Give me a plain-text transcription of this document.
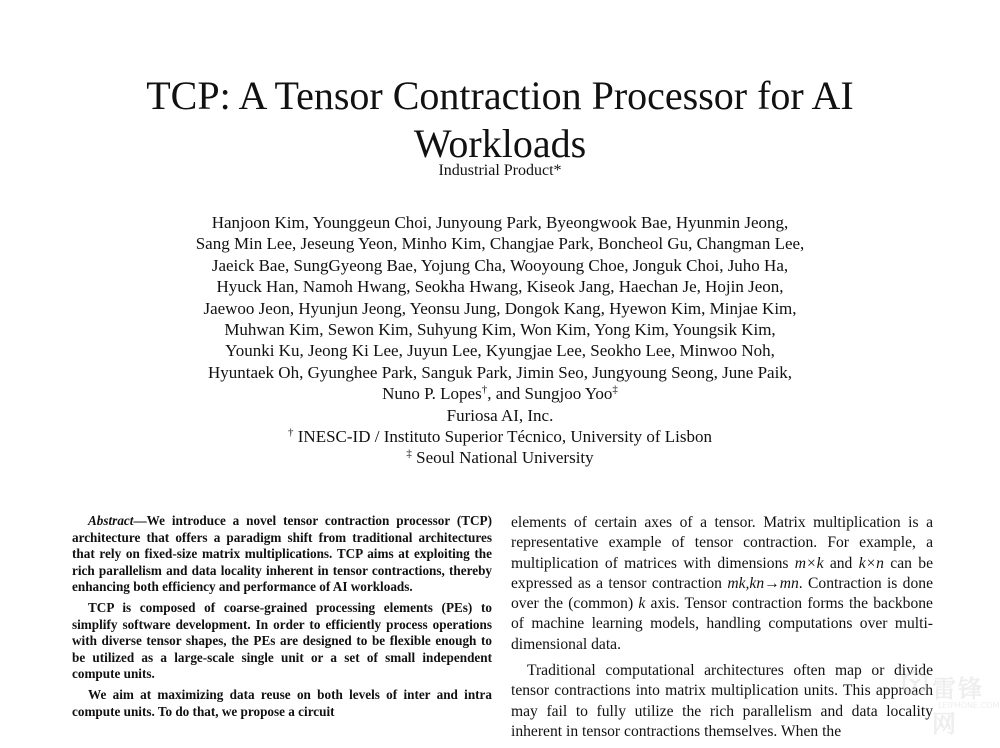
TCP: A Tensor Contraction Processor for AI Workloads
Industrial Product*
Hanjoon Kim, Younggeun Choi, Junyoung Park, Byeongwook Bae, Hyunmin Jeong,
Sang Min Lee, Jeseung Yeon, Minho Kim, Changjae Park, Boncheol Gu, Changman Lee,
Jaeick Bae, SungGyeong Bae, Yojung Cha, Wooyoung Choe, Jonguk Choi, Juho Ha,
Hyuck Han, Namoh Hwang, Seokha Hwang, Kiseok Jang, Haechan Je, Hojin Jeon,
Jaewoo Jeon, Hyunjun Jeong, Yeonsu Jung, Dongok Kang, Hyewon Kim, Minjae Kim,
Muhwan Kim, Sewon Kim, Suhyung Kim, Won Kim, Yong Kim, Youngsik Kim,
Younki Ku, Jeong Ki Lee, Juyun Lee, Kyungjae Lee, Seokho Lee, Minwoo Noh,
Hyuntaek Oh, Gyunghee Park, Sanguk Park, Jimin Seo, Jungyoung Seong, June Paik,
Nuno P. Lopes†, and Sungjoo Yoo‡
Furiosa AI, Inc.
† INESC-ID / Instituto Superior Técnico, University of Lisbon
‡ Seoul National University

Abstract—We introduce a novel tensor contraction processor (TCP) architecture that offers a paradigm shift from traditional architectures that rely on fixed-size matrix multiplications. TCP aims at exploiting the rich parallelism and data locality inherent in tensor contractions, thereby enhancing both efficiency and performance of AI workloads.

TCP is composed of coarse-grained processing elements (PEs) to simplify software development. In order to efficiently process operations with diverse tensor shapes, the PEs are designed to be flexible enough to be utilized as a large-scale single unit or a set of small independent compute units.

We aim at maximizing data reuse on both levels of inter and intra compute units. To do that, we propose a circuit

elements of certain axes of a tensor. Matrix multiplication is a representative example of tensor contraction. For example, a multiplication of matrices with dimensions m×k and k×n can be expressed as a tensor contraction mk,kn→mn. Contraction is done over the (common) k axis. Tensor contraction forms the backbone of machine learning models, handling computations over multi-dimensional data.

Traditional computational architectures often map or divide tensor contractions into matrix multiplication units. This approach may fail to fully utilize the rich parallelism and data locality inherent in tensor contractions themselves. When the

雷锋网
LEIPHONE.COM
